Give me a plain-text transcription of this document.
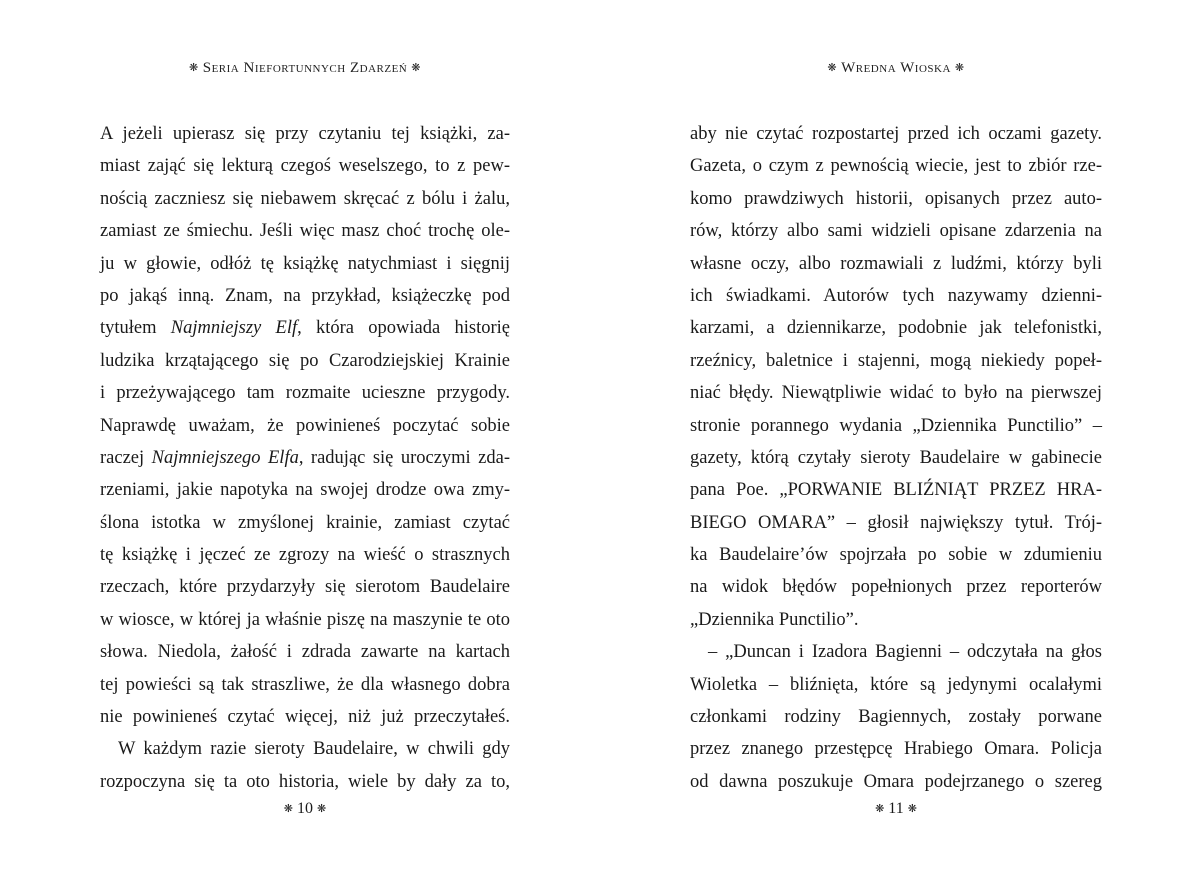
❋ Seria Niefortunnych Zdarzeń ❋
A jeżeli upierasz się przy czytaniu tej książki, za-
miast zająć się lekturą czegoś weselszego, to z pew-
nością zaczniesz się niebawem skręcać z bólu i żalu,
zamiast ze śmiechu. Jeśli więc masz choć trochę ole-
ju w głowie, odłóż tę książkę natychmiast i sięgnij
po jakąś inną. Znam, na przykład, książeczkę pod
tytułem Najmniejszy Elf, która opowiada historię
ludzika krzątającego się po Czarodziejskiej Krainie
i przeżywającego tam rozmaite ucieszne przygody.
Naprawdę uważam, że powinieneś poczytać sobie
raczej Najmniejszego Elfa, radując się uroczymi zda-
rzeniami, jakie napotyka na swojej drodze owa zmy-
ślona istotka w zmyślonej krainie, zamiast czytać
tę książkę i jęczeć ze zgrozy na wieść o strasznych
rzeczach, które przydarzyły się sierotom Baudelaire
w wiosce, w której ja właśnie piszę na maszynie te oto
słowa. Niedola, żałość i zdrada zawarte na kartach
tej powieści są tak straszliwe, że dla własnego dobra
nie powinieneś czytać więcej, niż już przeczytałeś.
W każdym razie sieroty Baudelaire, w chwili gdy
rozpoczyna się ta oto historia, wiele by dały za to,
❋ 10 ❋
❋ Wredna Wioska ❋
aby nie czytać rozpostartej przed ich oczami gazety.
Gazeta, o czym z pewnością wiecie, jest to zbiór rze-
komo prawdziwych historii, opisanych przez auto-
rów, którzy albo sami widzieli opisane zdarzenia na
własne oczy, albo rozmawiali z ludźmi, którzy byli
ich świadkami. Autorów tych nazywamy dzienni-
karzami, a dziennikarze, podobnie jak telefonistki,
rzeźnicy, baletnice i stajenni, mogą niekiedy popeł-
niać błędy. Niewątpliwie widać to było na pierwszej
stronie porannego wydania „Dziennika Punctilio” –
gazety, którą czytały sieroty Baudelaire w gabinecie
pana Poe. „PORWANIE BLIŹNIĄT PRZEZ HRA-
BIEGO OMARA” – głosił największy tytuł. Trój-
ka Baudelaire’ów spojrzała po sobie w zdumieniu
na widok błędów popełnionych przez reporterów
„Dziennika Punctilio”.
– „Duncan i Izadora Bagienni – odczytała na głos
Wioletka – bliźnięta, które są jedynymi ocalałymi
członkami rodziny Bagiennych, zostały porwane
przez znanego przestępcę Hrabiego Omara. Policja
od dawna poszukuje Omara podejrzanego o szereg
❋ 11 ❋
